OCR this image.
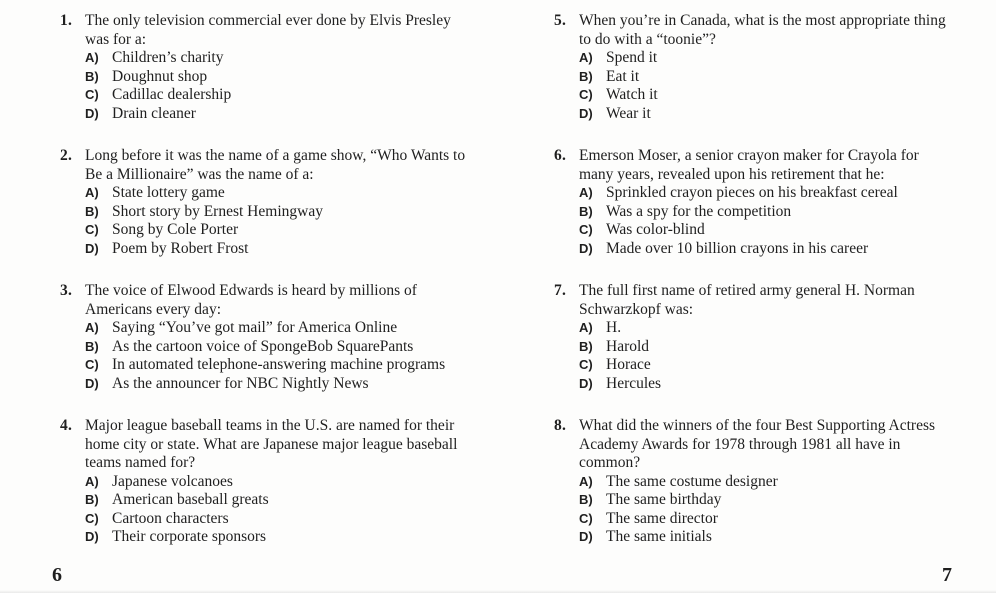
1. The only television commercial ever done by Elvis Presley was for a:
A) Children’s charity
B) Doughnut shop
C) Cadillac dealership
D) Drain cleaner
2. Long before it was the name of a game show, “Who Wants to Be a Millionaire” was the name of a:
A) State lottery game
B) Short story by Ernest Hemingway
C) Song by Cole Porter
D) Poem by Robert Frost
3. The voice of Elwood Edwards is heard by millions of Americans every day:
A) Saying “You’ve got mail” for America Online
B) As the cartoon voice of SpongeBob SquarePants
C) In automated telephone-answering machine programs
D) As the announcer for NBC Nightly News
4. Major league baseball teams in the U.S. are named for their home city or state. What are Japanese major league baseball teams named for?
A) Japanese volcanoes
B) American baseball greats
C) Cartoon characters
D) Their corporate sponsors
6
5. When you’re in Canada, what is the most appropriate thing to do with a “toonie”?
A) Spend it
B) Eat it
C) Watch it
D) Wear it
6. Emerson Moser, a senior crayon maker for Crayola for many years, revealed upon his retirement that he:
A) Sprinkled crayon pieces on his breakfast cereal
B) Was a spy for the competition
C) Was color-blind
D) Made over 10 billion crayons in his career
7. The full first name of retired army general H. Norman Schwarzkopf was:
A) H.
B) Harold
C) Horace
D) Hercules
8. What did the winners of the four Best Supporting Actress Academy Awards for 1978 through 1981 all have in common?
A) The same costume designer
B) The same birthday
C) The same director
D) The same initials
7
